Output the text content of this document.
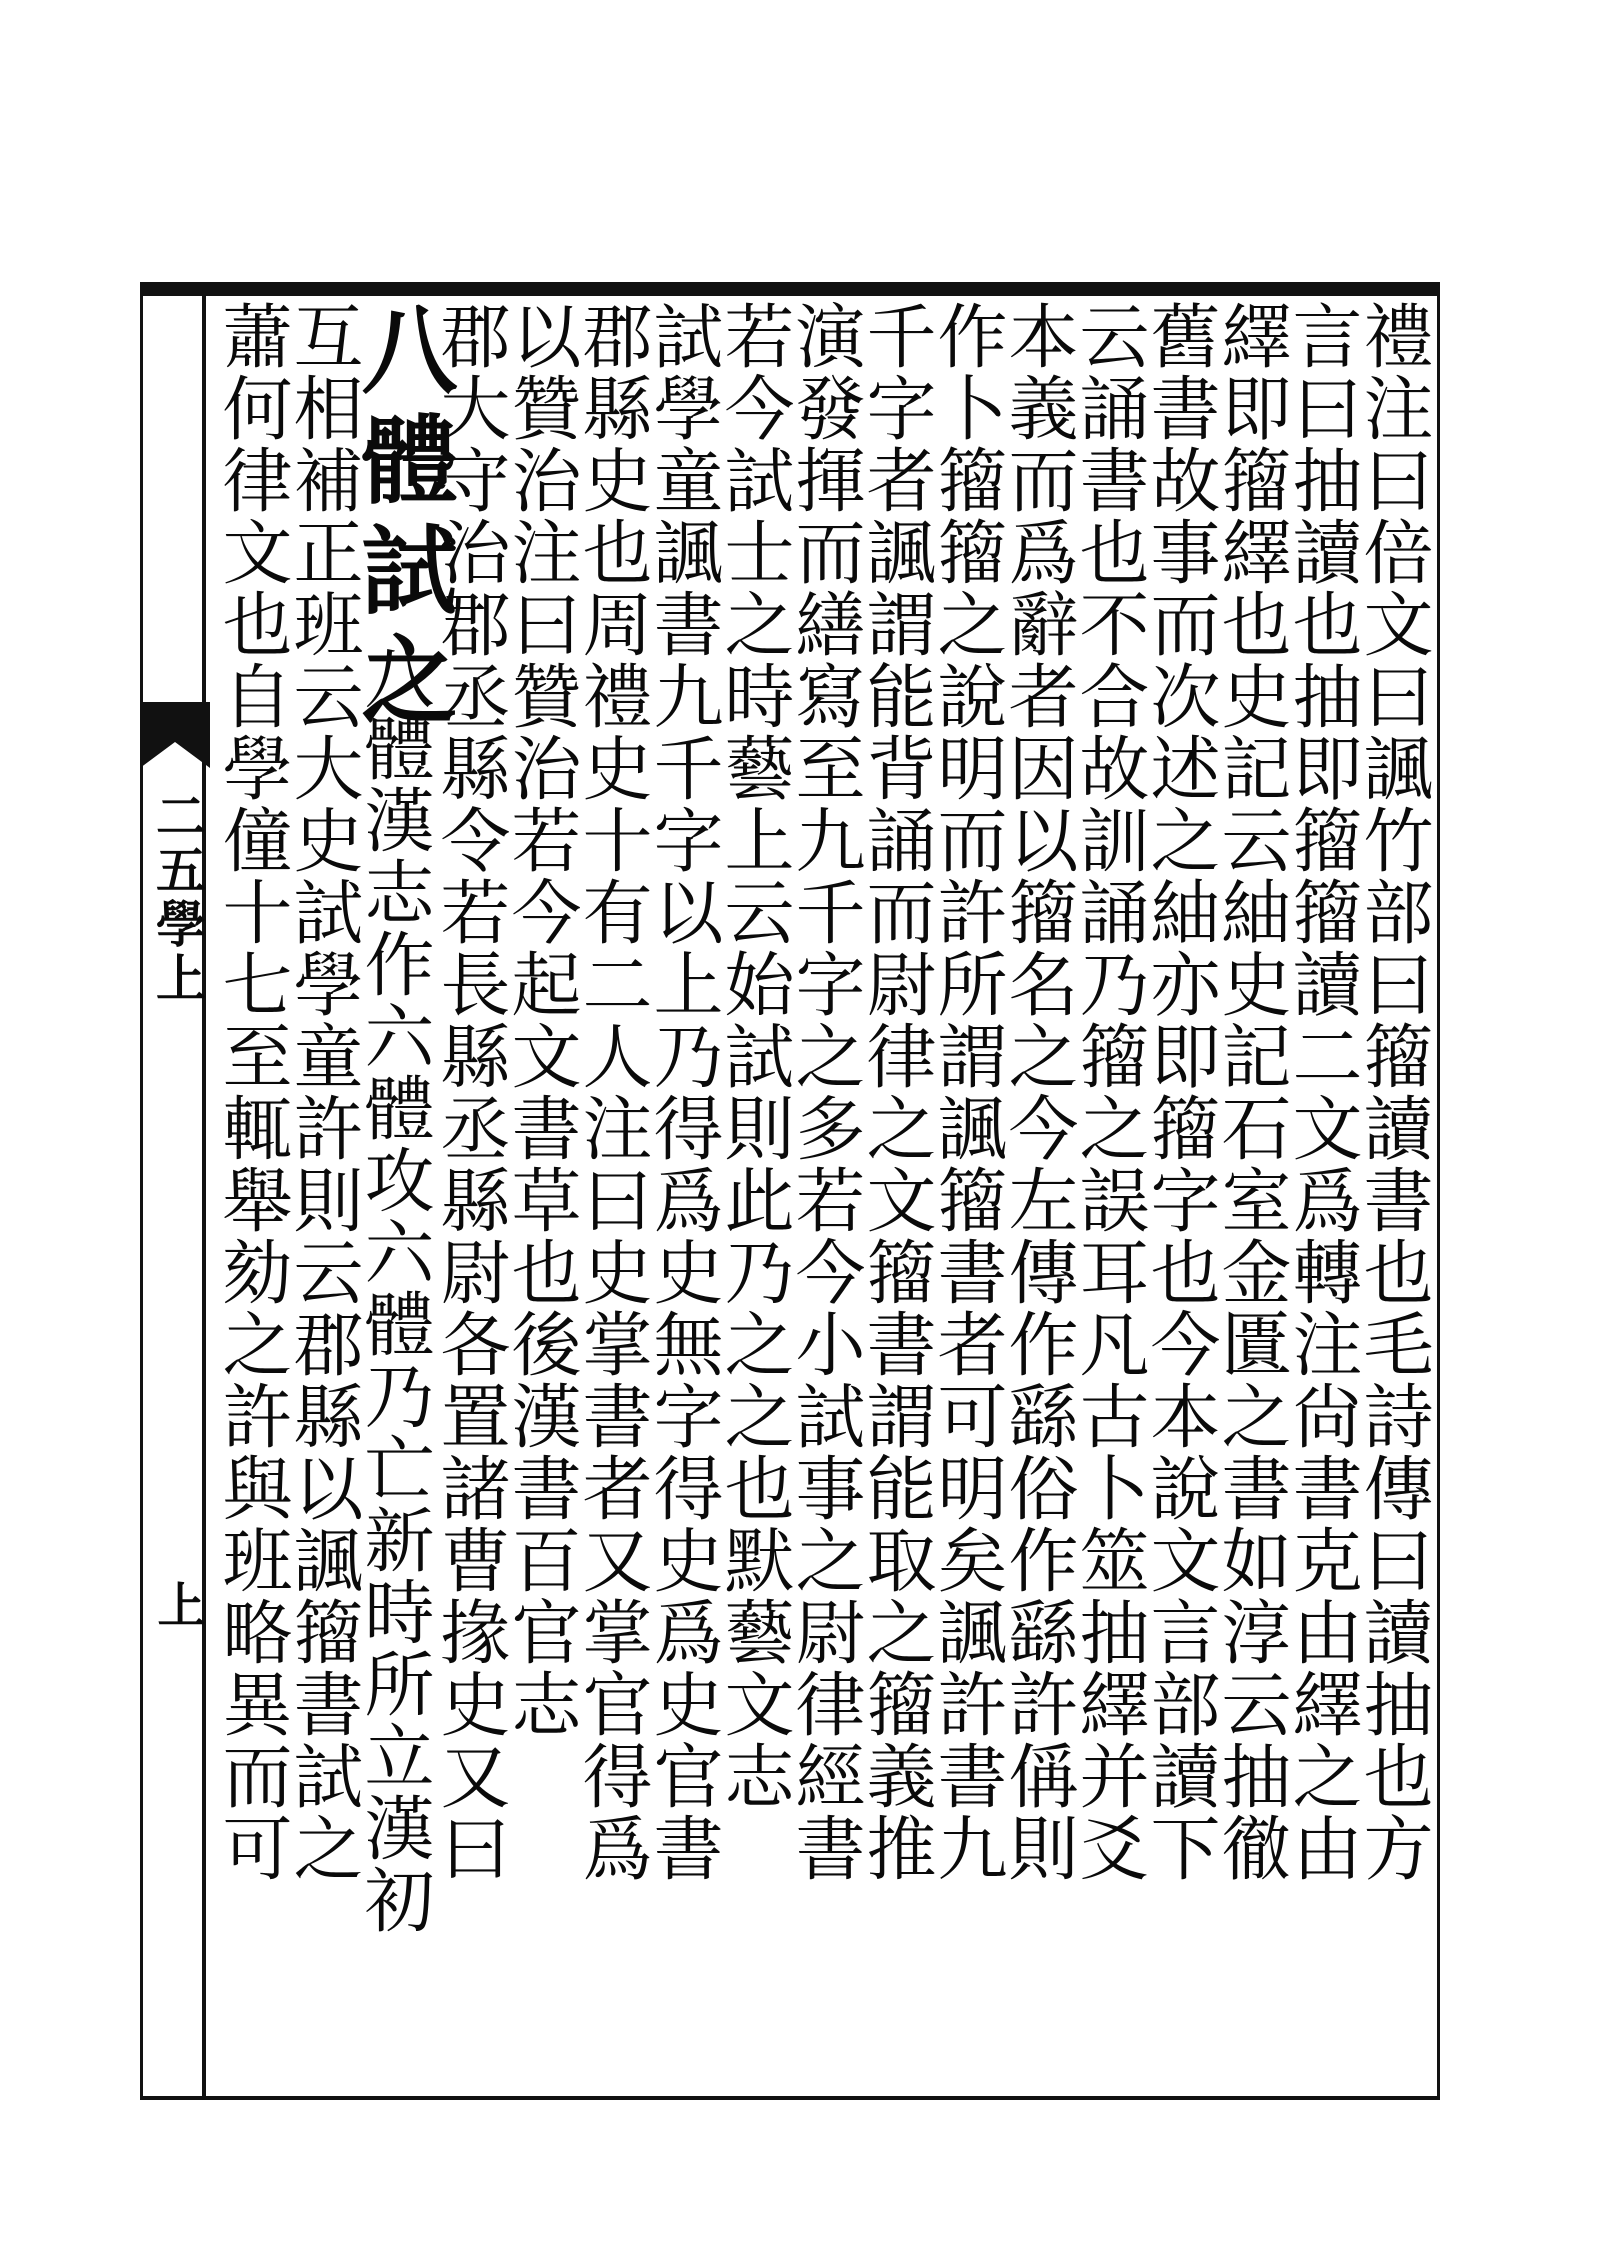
二五學上
上	禮注曰倍文曰諷竹部曰籀讀書也毛詩傳曰讀抽也方
言曰抽讀也抽即籀籀讀二文爲轉注尙書克由繹之由
繹即籀繹也史記云紬史記石室金匱之書如淳云抽徹
舊書故事而次述之紬亦即籀字也今本說文言部讀下
云誦書也不合故訓誦乃籀之誤耳凡古卜筮抽繹并爻
本義而爲辭者因以籀名之今左傳作繇俗作繇許偁則
作卜籀籀之說明而許所謂諷籀書者可明矣諷許書九
千字者諷謂能背誦而尉律之文籀書謂能取之籀義推
演發揮而繕寫至九千字之多若今小試事之尉律經書
若今試士之時藝上云始試則此乃之之也默藝文志
試學童諷書九千字以上乃得爲史無字得史爲史官書
郡縣史也周禮史十有二人注曰史掌書者又掌官得爲
以贊治注曰贊治若今起文書草也後漢書百官志
郡大守治郡丞縣令若長縣丞縣尉各置諸曹掾史又曰
八體試之
八體漢志作六體攻六體乃亡新時所立漢初
互相補正班云大史試學童許則云郡縣以諷籀書試之
蕭何律文也自學僮十七至輒舉劾之許與班略異而可
